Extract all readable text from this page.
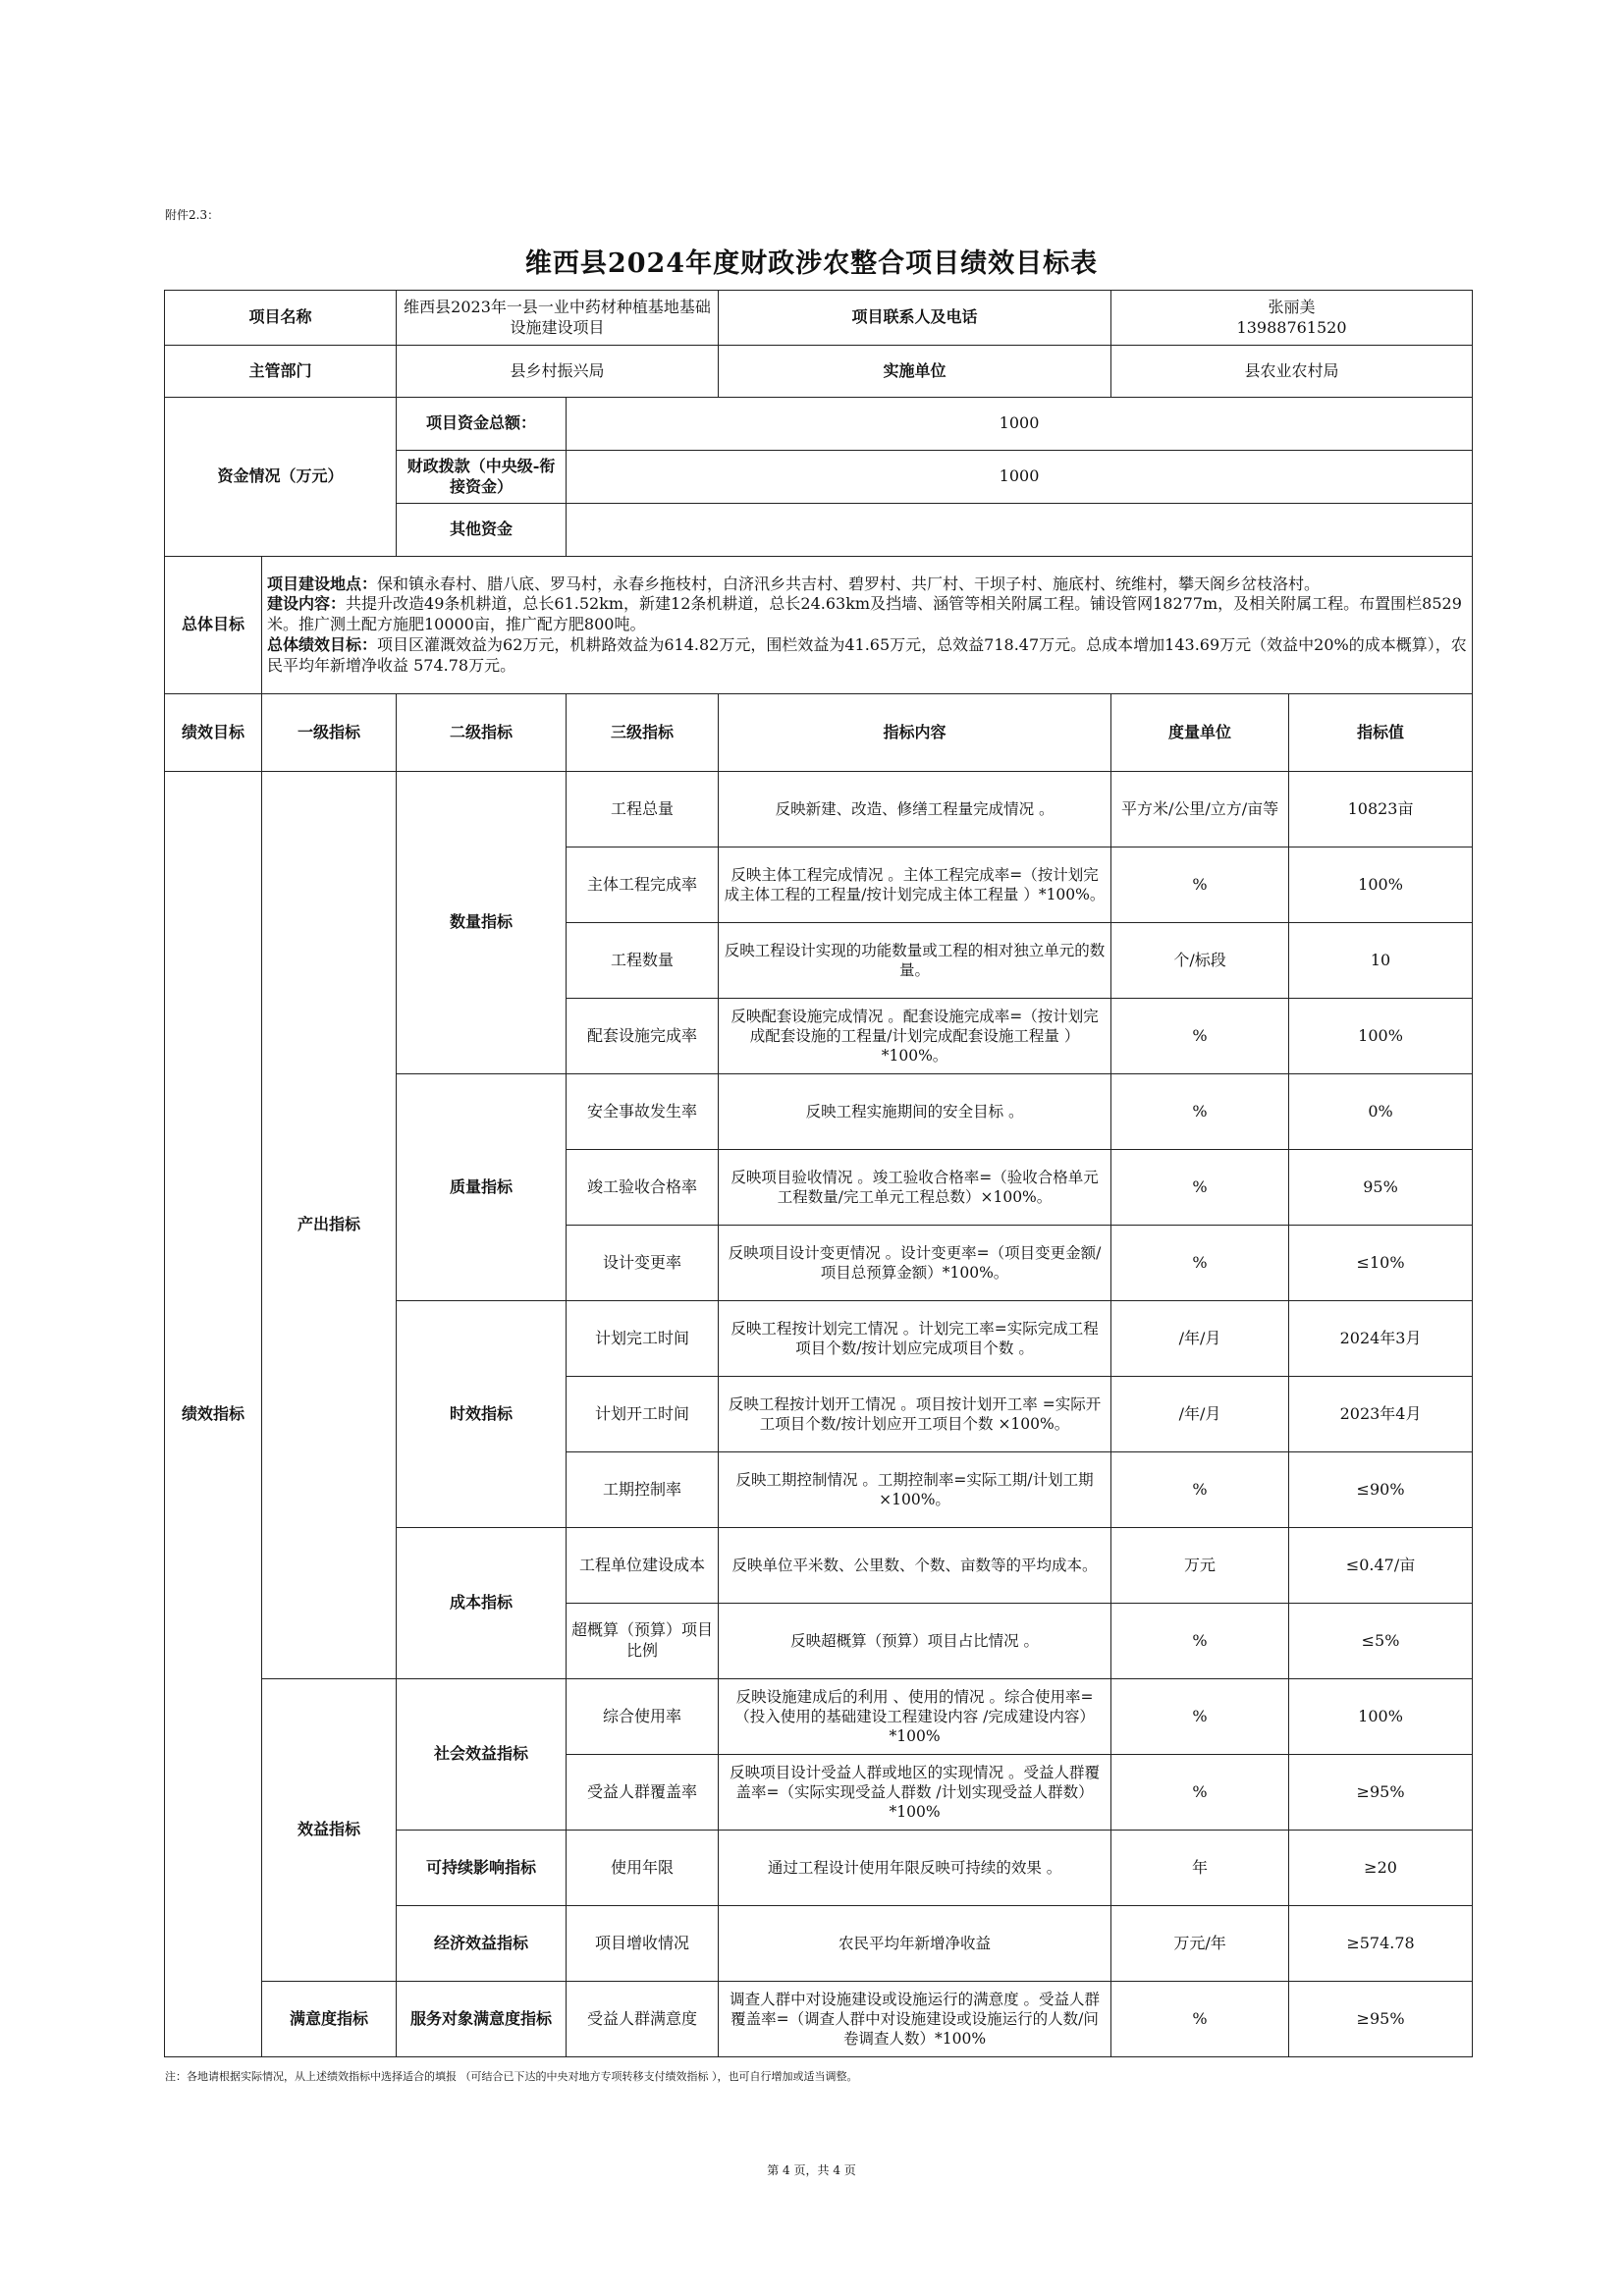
附件2.3：
维西县2024年度财政涉农整合项目绩效目标表
项目名称		维西县2023年一县一业中药材种植基地基础设施建设项目		项目联系人及电话	张丽美
13988761520	

主管部门		县乡村振兴局		实施单位	县农业农村局	
资金情况（万元）		项目资金总额：	1000			
		财政拨款（中央级-衔接资金）	1000			
		其他资金				
总体目标	项目建设地点：保和镇永春村、腊八底、罗马村，永春乡拖枝村，白济汛乡共吉村、碧罗村、共厂村、干坝子村、施底村、统维村，攀天阁乡岔枝洛村。
建设内容：共提升改造49条机耕道，总长61.52km，新建12条机耕道，总长24.63km及挡墙、涵管等相关附属工程。铺设管网18277m，及相关附属工程。布置围栏8529米。推广测土配方施肥10000亩，推广配方肥800吨。
总体绩效目标：项目区灌溉效益为62万元，机耕路效益为614.82万元，围栏效益为41.65万元，总效益718.47万元。总成本增加143.69万元（效益中20%的成本概算），农民平均年新增净收益 574.78万元。					

绩效目标	一级指标	二级指标	三级指标	指标内容	度量单位	指标值
绩效指标	产出指标	数量指标	工程总量	反映新建、改造、修缮工程量完成情况 。	平方米/公里/立方/亩等	10823亩
			主体工程完成率	反映主体工程完成情况 。主体工程完成率=（按计划完成主体工程的工程量/按计划完成主体工程量 ）*100%。	%	100%
			工程数量	反映工程设计实现的功能数量或工程的相对独立单元的数量。	个/标段	10
			配套设施完成率	反映配套设施完成情况 。配套设施完成率=（按计划完成配套设施的工程量/计划完成配套设施工程量 ）*100%。	%	100%
		质量指标	安全事故发生率	反映工程实施期间的安全目标 。	%	0%
			竣工验收合格率	反映项目验收情况 。竣工验收合格率=（验收合格单元工程数量/完工单元工程总数）×100%。	%	95%
			设计变更率	反映项目设计变更情况 。设计变更率=（项目变更金额/项目总预算金额）*100%。	%	≤10%
		时效指标	计划完工时间	反映工程按计划完工情况 。计划完工率=实际完成工程项目个数/按计划应完成项目个数 。	/年/月	2024年3月
			计划开工时间	反映工程按计划开工情况 。项目按计划开工率 =实际开工项目个数/按计划应开工项目个数 ×100%。	/年/月	2023年4月
			工期控制率	反映工期控制情况 。工期控制率=实际工期/计划工期×100%。	%	≤90%
		成本指标	工程单位建设成本	反映单位平米数、公里数、个数、亩数等的平均成本。	万元	≤0.47/亩
			超概算（预算）项目比例	反映超概算（预算）项目占比情况 。	%	≤5%
	效益指标	社会效益指标	综合使用率	反映设施建成后的利用 、使用的情况 。综合使用率=（投入使用的基础建设工程建设内容 /完成建设内容）*100%	%	100%
			受益人群覆盖率	反映项目设计受益人群或地区的实现情况 。受益人群覆盖率=（实际实现受益人群数 /计划实现受益人群数）*100%	%	≥95%
		可持续影响指标	使用年限	通过工程设计使用年限反映可持续的效果 。	年	≥20
		经济效益指标	项目增收情况	农民平均年新增净收益	万元/年	≥574.78
	满意度指标	服务对象满意度指标	受益人群满意度	调查人群中对设施建设或设施运行的满意度 。受益人群覆盖率=（调查人群中对设施建设或设施运行的人数/问卷调查人数）*100%	%	≥95%
注：各地请根据实际情况，从上述绩效指标中选择适合的填报 （可结合已下达的中央对地方专项转移支付绩效指标 ），也可自行增加或适当调整。
第 4 页，共 4 页
